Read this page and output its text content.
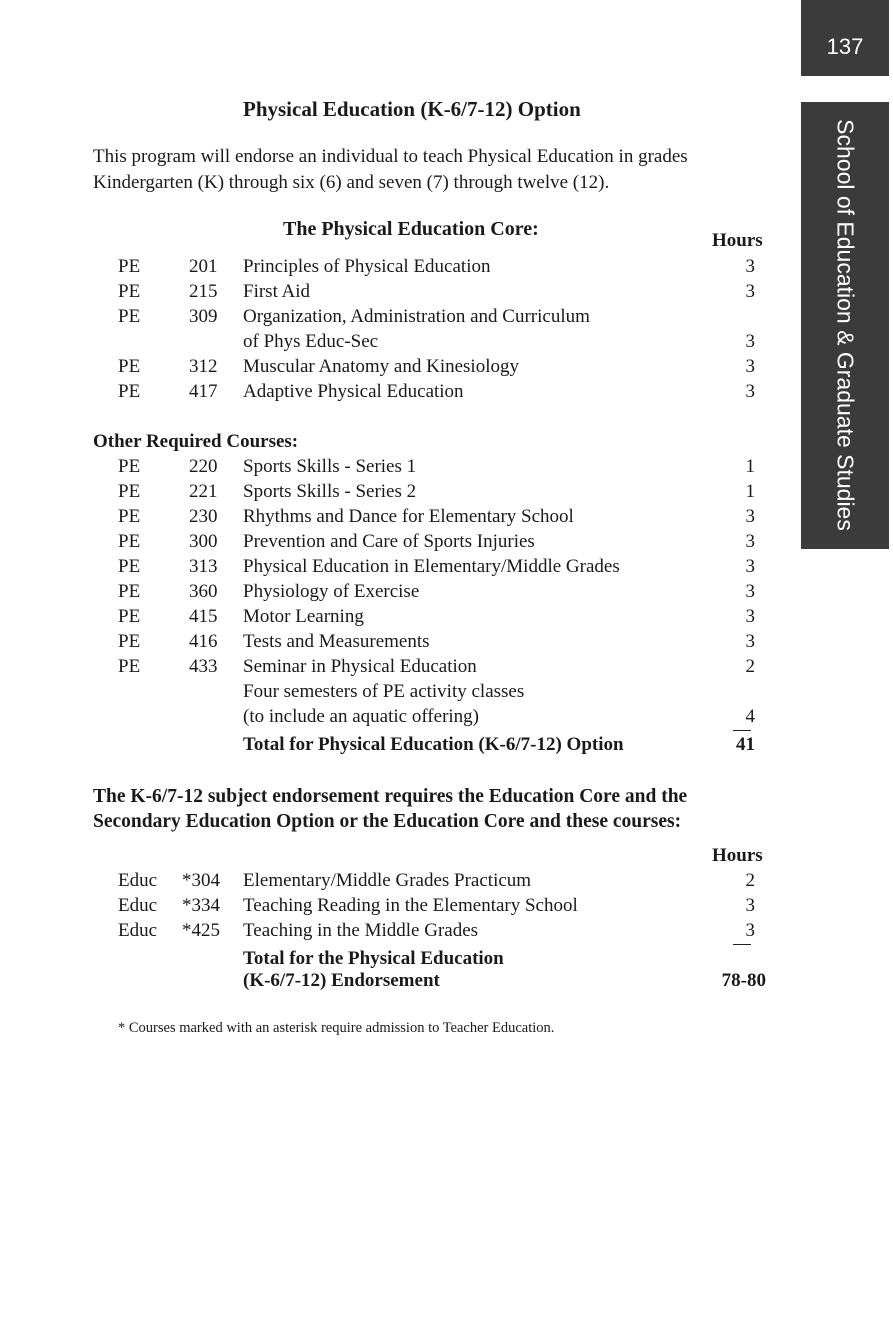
137
School of Education & Graduate Studies
Physical Education (K-6/7-12) Option
This program will endorse an individual to teach Physical Education in grades
Kindergarten (K) through six (6) and seven (7) through twelve (12).
The Physical Education Core:
Hours
PE	201 Principles of Physical Education	3
PE	215 First Aid	3
PE	309 Organization, Administration and Curriculum
of Phys Educ-Sec	3
PE	312 Muscular Anatomy and Kinesiology	3
PE	417 Adaptive Physical Education	3
Other Required Courses:
PE	220 Sports Skills - Series 1	1
PE	221 Sports Skills - Series 2	1
PE	230 Rhythms and Dance for Elementary School	3
PE	300 Prevention and Care of Sports Injuries	3
PE	313 Physical Education in Elementary/Middle Grades	3
PE	360 Physiology of Exercise	3
PE	415 Motor Learning	3
PE	416 Tests and Measurements	3
PE	433 Seminar in Physical Education	2
Four semesters of PE activity classes
(to include an aquatic offering)	4
Total for Physical Education (K-6/7-12) Option	41
The K-6/7-12 subject endorsement requires the Education Core and the
Secondary Education Option or the Education Core and these courses:
Hours
Educ *304 Elementary/Middle Grades Practicum	2
Educ *334 Teaching Reading in the Elementary School	3
Educ *425 Teaching in the Middle Grades	3
Total for the Physical Education
(K-6/7-12) Endorsement	78-80
* Courses marked with an asterisk require admission to Teacher Education.
